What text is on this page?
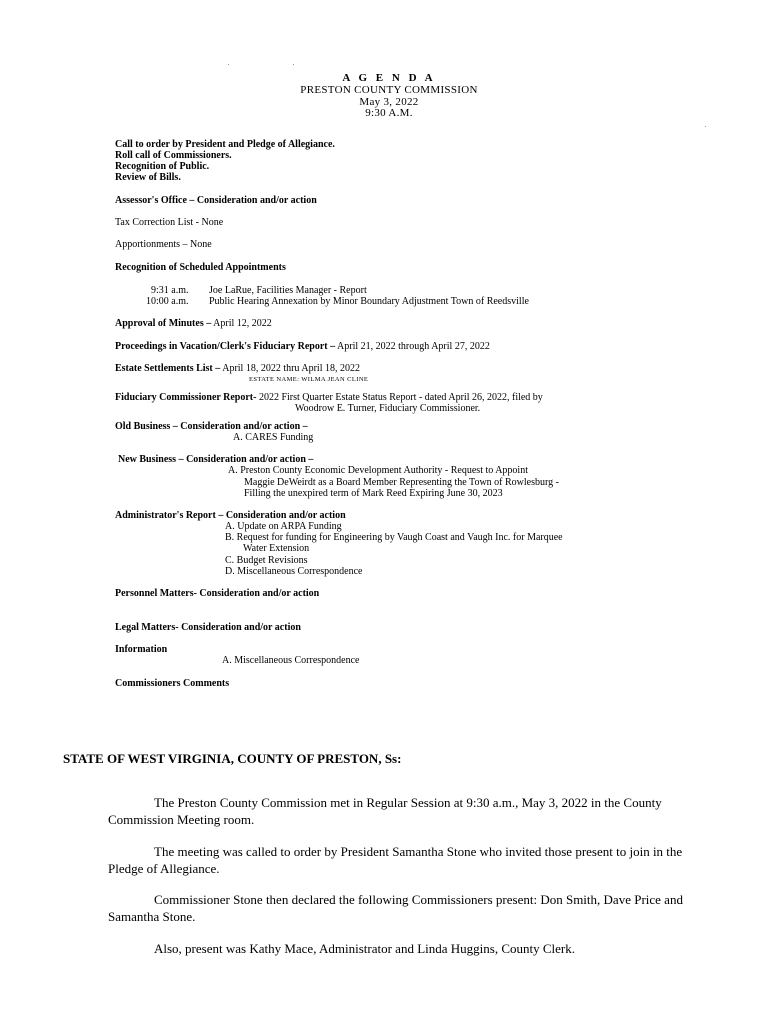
A G E N D A
PRESTON COUNTY COMMISSION
May 3, 2022
9:30 A.M.
Call to order by President and Pledge of Allegiance.
Roll call of Commissioners.
Recognition of Public.
Review of Bills.
Assessor's Office – Consideration and/or action
Tax Correction List - None
Apportionments – None
Recognition of Scheduled Appointments
9:31 a.m. Joe LaRue, Facilities Manager - Report
10:00 a.m. Public Hearing Annexation by Minor Boundary Adjustment Town of Reedsville
Approval of Minutes – April 12, 2022
Proceedings in Vacation/Clerk's Fiduciary Report – April 21, 2022 through April 27, 2022
Estate Settlements List – April 18, 2022 thru April 18, 2022
ESTATE NAME: WILMA JEAN CLINE
Fiduciary Commissioner Report- 2022 First Quarter Estate Status Report - dated April 26, 2022, filed by
Woodrow E. Turner, Fiduciary Commissioner.
Old Business – Consideration and/or action –
A. CARES Funding
New Business – Consideration and/or action –
A. Preston County Economic Development Authority - Request to Appoint
Maggie DeWeirdt as a Board Member Representing the Town of Rowlesburg -
Filling the unexpired term of Mark Reed Expiring June 30, 2023
Administrator's Report – Consideration and/or action
A. Update on ARPA Funding
B. Request for funding for Engineering by Vaugh Coast and Vaugh Inc. for Marquee
Water Extension
C. Budget Revisions
D. Miscellaneous Correspondence
Personnel Matters- Consideration and/or action
Legal Matters- Consideration and/or action
Information
A. Miscellaneous Correspondence
Commissioners Comments
STATE OF WEST VIRGINIA, COUNTY OF PRESTON, Ss:
The Preston County Commission met in Regular Session at 9:30 a.m., May 3, 2022 in the County Commission Meeting room.
The meeting was called to order by President Samantha Stone who invited those present to join in the Pledge of Allegiance.
Commissioner Stone then declared the following Commissioners present: Don Smith, Dave Price and Samantha Stone.
Also, present was Kathy Mace, Administrator and Linda Huggins, County Clerk.
